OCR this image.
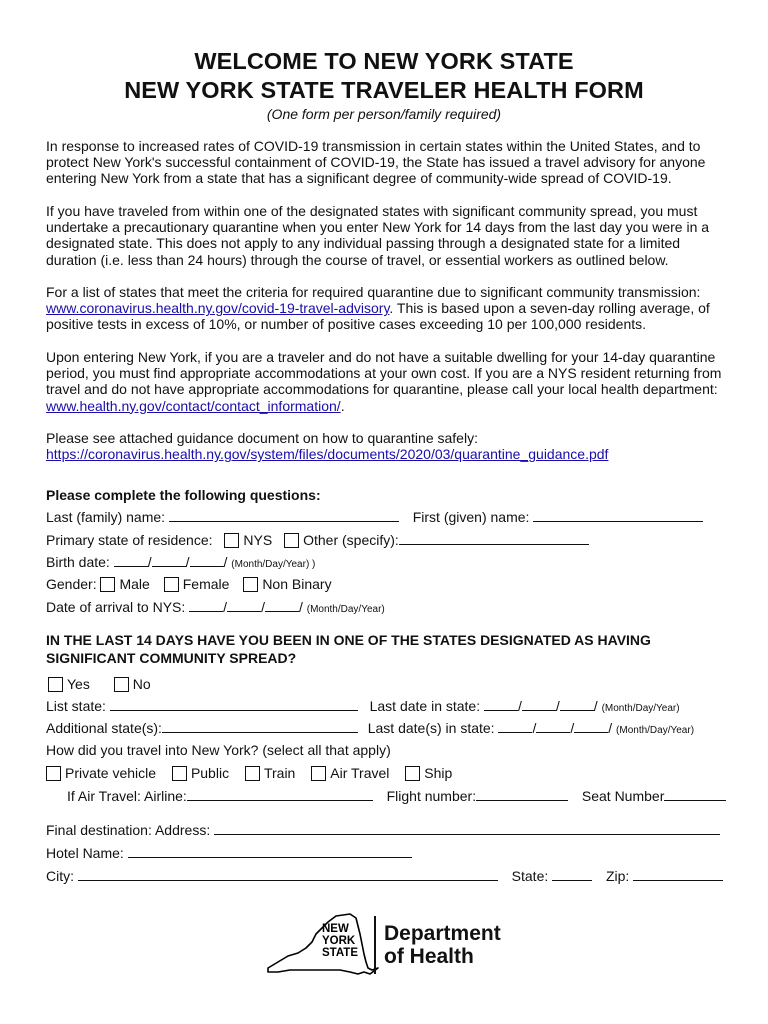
WELCOME TO NEW YORK STATE
NEW YORK STATE TRAVELER HEALTH FORM
(One form per person/family required)

In response to increased rates of COVID-19 transmission in certain states within the United States, and to protect New York's successful containment of COVID-19, the State has issued a travel advisory for anyone entering New York from a state that has a significant degree of community-wide spread of COVID-19.

If you have traveled from within one of the designated states with significant community spread, you must undertake a precautionary quarantine when you enter New York for 14 days from the last day you were in a designated state. This does not apply to any individual passing through a designated state for a limited duration (i.e. less than 24 hours) through the course of travel, or essential workers as outlined below.

For a list of states that meet the criteria for required quarantine due to significant community transmission: www.coronavirus.health.ny.gov/covid-19-travel-advisory. This is based upon a seven-day rolling average, of positive tests in excess of 10%, or number of positive cases exceeding 10 per 100,000 residents.

Upon entering New York, if you are a traveler and do not have a suitable dwelling for your 14-day quarantine period, you must find appropriate accommodations at your own cost. If you are a NYS resident returning from travel and do not have appropriate accommodations for quarantine, please call your local health department: www.health.ny.gov/contact/contact_information/.

Please see attached guidance document on how to quarantine safely:
https://coronavirus.health.ny.gov/system/files/documents/2020/03/quarantine_guidance.pdf

Please complete the following questions:
Last (family) name:	First (given) name:
Primary state of residence: NYS Other (specify):
Birth date:	/ / / (Month/Day/Year) )
Gender: Male Female Non Binary
Date of arrival to NYS:	/ / / (Month/Day/Year)

IN THE LAST 14 DAYS HAVE YOU BEEN IN ONE OF THE STATES DESIGNATED AS HAVING SIGNIFICANT COMMUNITY SPREAD?

Yes	No
List state:	Last date in state:	/ / / (Month/Day/Year)
Additional state(s):	Last date(s) in state:	/ / / (Month/Day/Year)
How did you travel into New York? (select all that apply)
Private vehicle Public Train Air Travel Ship
If Air Travel: Airline:	Flight number:	Seat Number
Final destination: Address:
Hotel Name:
City:	State:	Zip:
NEW
YORK
STATE
Department
of Health
